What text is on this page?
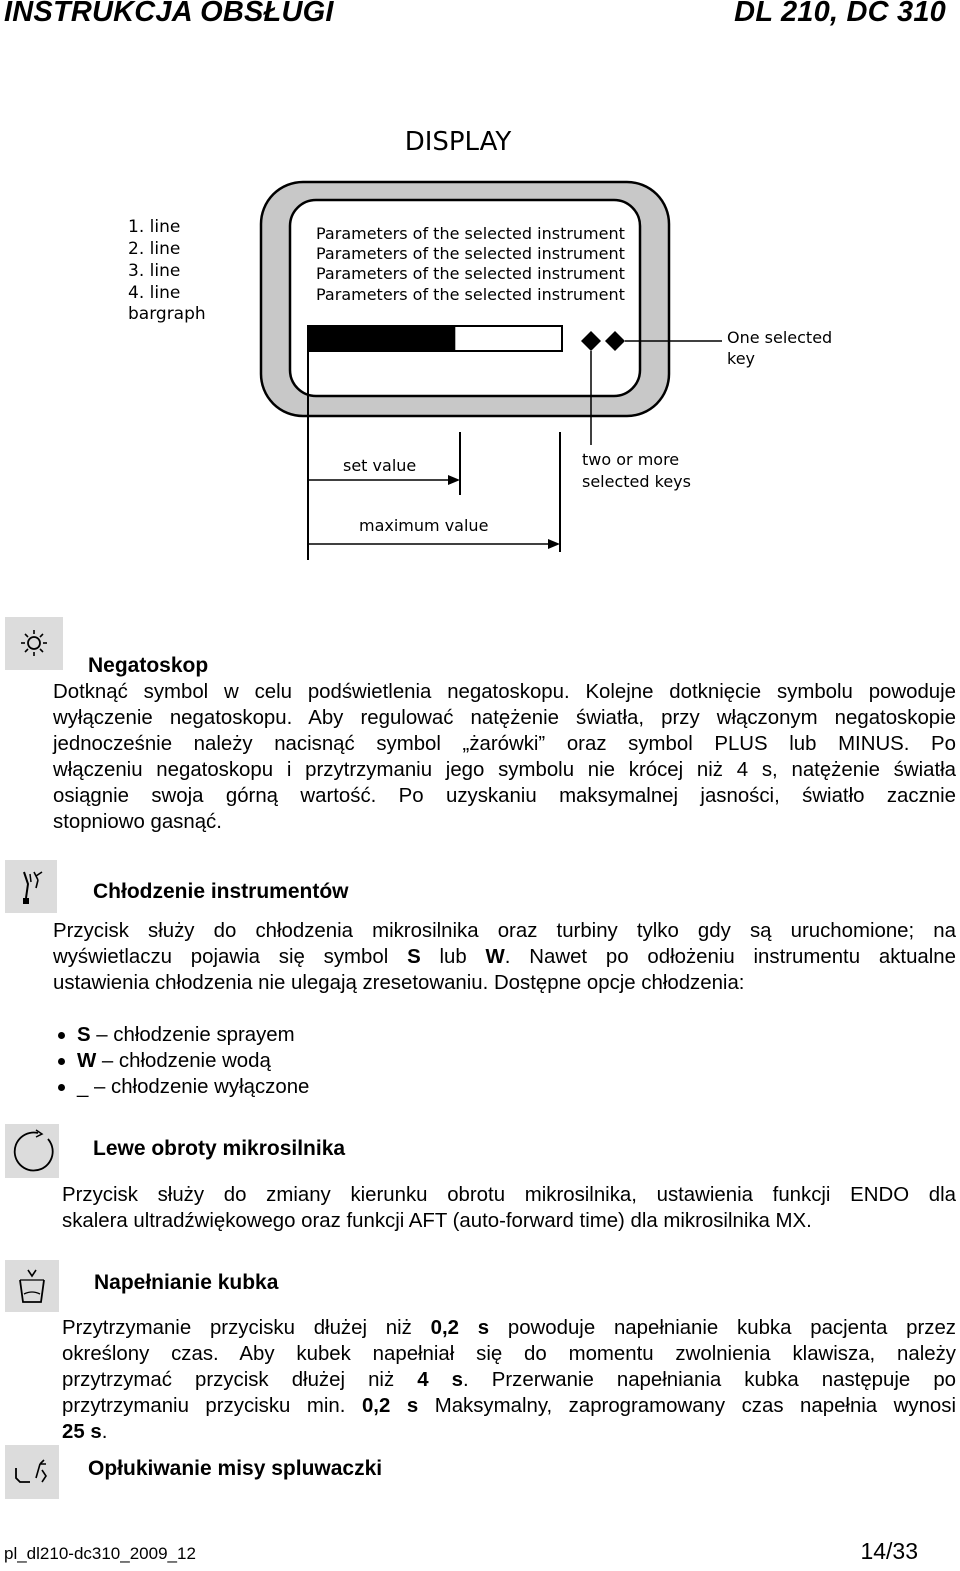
INSTRUKCJA OBSŁUGI	DL 210, DC 310
DISPLAY
1. line
2. line
3. line
4. line
bargraph
Parameters of the selected instrument
Parameters of the selected instrument
Parameters of the selected instrument
Parameters of the selected instrument
One selected
key
two or more
selected keys
set value
maximum value
Negatoskop
Dotknąć symbol w celu podświetlenia negatoskopu. Kolejne dotknięcie symbolu powoduje
wyłączenie negatoskopu. Aby regulować natężenie światła, przy włączonym negatoskopie
jednocześnie należy nacisnąć symbol „żarówki” oraz symbol PLUS lub MINUS. Po
włączeniu negatoskopu i przytrzymaniu jego symbolu nie krócej niż 4 s, natężenie światła
osiągnie swoja górną wartość. Po uzyskaniu maksymalnej jasności, światło zacznie
stopniowo gasnąć.
Chłodzenie instrumentów
Przycisk służy do chłodzenia mikrosilnika oraz turbiny tylko gdy są uruchomione; na
wyświetlaczu pojawia się symbol S lub W. Nawet po odłożeniu instrumentu aktualne
ustawienia chłodzenia nie ulegają zresetowaniu. Dostępne opcje chłodzenia:
S – chłodzenie sprayem
W – chłodzenie wodą
_ – chłodzenie wyłączone
Lewe obroty mikrosilnika
Przycisk służy do zmiany kierunku obrotu mikrosilnika, ustawienia funkcji ENDO dla
skalera ultradźwiękowego oraz funkcji AFT (auto-forward time) dla mikrosilnika MX.
Napełnianie kubka
Przytrzymanie przycisku dłużej niż 0,2 s powoduje napełnianie kubka pacjenta przez
określony czas. Aby kubek napełniał się do momentu zwolnienia klawisza, należy
przytrzymać przycisk dłużej niż 4 s. Przerwanie napełniania kubka następuje po
przytrzymaniu przycisku min. 0,2 s Maksymalny, zaprogramowany czas napełnia wynosi
25 s.
Opłukiwanie misy spluwaczki
pl_dl210-dc310_2009_12	14/33
